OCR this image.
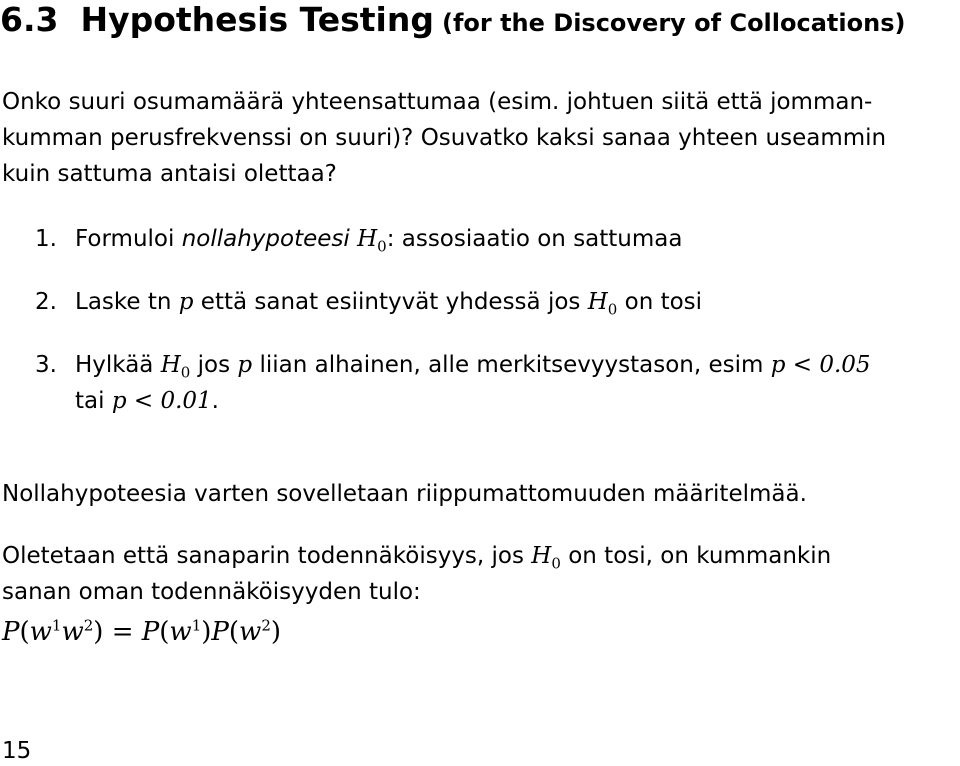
6.3 Hypothesis Testing (for the Discovery of Collocations)
Onko suuri osumamäärä yhteensattumaa (esim. johtuen siitä että jomman-
kumman perusfrekvenssi on suuri)? Osuvatko kaksi sanaa yhteen useammin
kuin sattuma antaisi olettaa?
1. Formuloi nollahypoteesi $H_0$: assosiaatio on sattumaa
2. Laske tn p että sanat esiintyvät yhdessä jos $H_0$ on tosi
3. Hylkää $H_0$ jos p liian alhainen, alle merkitsevyystason, esim p < 0.05
tai p < 0.01.
Nollahypoteesia varten sovelletaan riippumattomuuden määritelmää.
Oletetaan että sanaparin todennäköisyys, jos $H_0$ on tosi, on kummankin
sanan oman todennäköisyyden tulo:
$P(w^1w^2) = P(w^1)P(w^2)$
15
